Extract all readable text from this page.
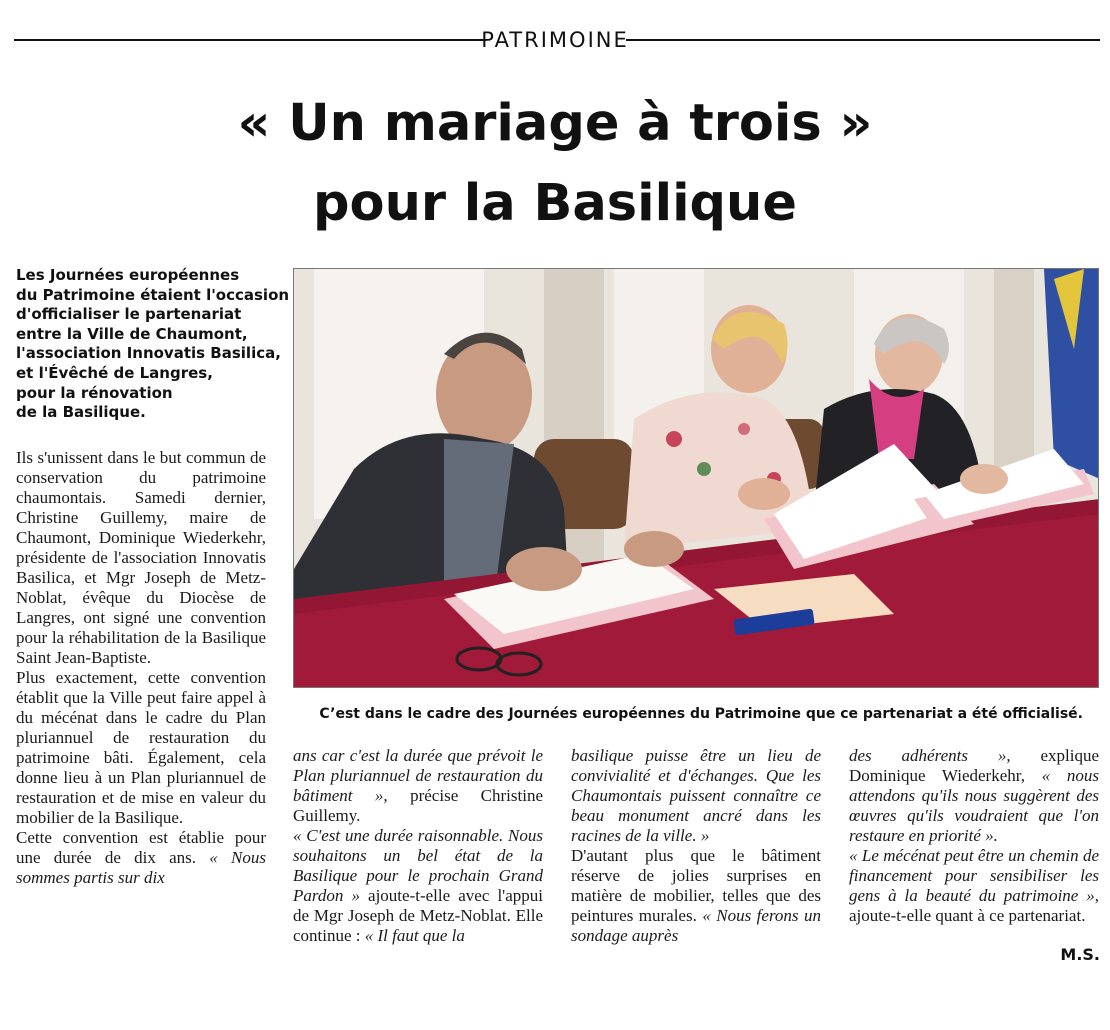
PATRIMOINE
« Un mariage à trois »
pour la Basilique
Les Journées européennes
du Patrimoine étaient l'occasion
d'officialiser le partenariat
entre la Ville de Chaumont,
l'association Innovatis Basilica,
et l'Évêché de Langres,
pour la rénovation
de la Basilique.

Ils s'unissent dans le but commun de conservation du patrimoine chaumontais. Samedi dernier, Christine Guillemy, maire de Chaumont, Dominique Wiederkehr, présidente de l'association Innovatis Basilica, et Mgr Joseph de Metz-Noblat, évêque du Diocèse de Langres, ont signé une convention pour la réhabilitation de la Basilique Saint Jean-Baptiste.

Plus exactement, cette convention établit que la Ville peut faire appel à du mécénat dans le cadre du Plan pluriannuel de restauration du patrimoine bâti. Également, cela donne lieu à un Plan pluriannuel de restauration et de mise en valeur du mobilier de la Basilique.

Cette convention est établie pour une durée de dix ans. « Nous sommes partis sur dix

C’est dans le cadre des Journées européennes du Patrimoine que ce partenariat a été officialisé.

ans car c'est la durée que prévoit le Plan pluriannuel de restauration du bâtiment », précise Christine Guillemy.

« C'est une durée raisonnable. Nous souhaitons un bel état de la Basilique pour le prochain Grand Pardon » ajoute-t-elle avec l'appui de Mgr Joseph de Metz-Noblat. Elle continue : « Il faut que la

basilique puisse être un lieu de convivialité et d'échanges. Que les Chaumontais puissent connaître ce beau monument ancré dans les racines de la ville. »

D'autant plus que le bâtiment réserve de jolies surprises en matière de mobilier, telles que des peintures murales. « Nous ferons un sondage auprès

des adhérents », explique Dominique Wiederkehr, « nous attendons qu'ils nous suggèrent des œuvres qu'ils voudraient que l'on restaure en priorité ».

« Le mécénat peut être un chemin de financement pour sensibiliser les gens à la beauté du patrimoine », ajoute-t-elle quant à ce partenariat.

M.S.
